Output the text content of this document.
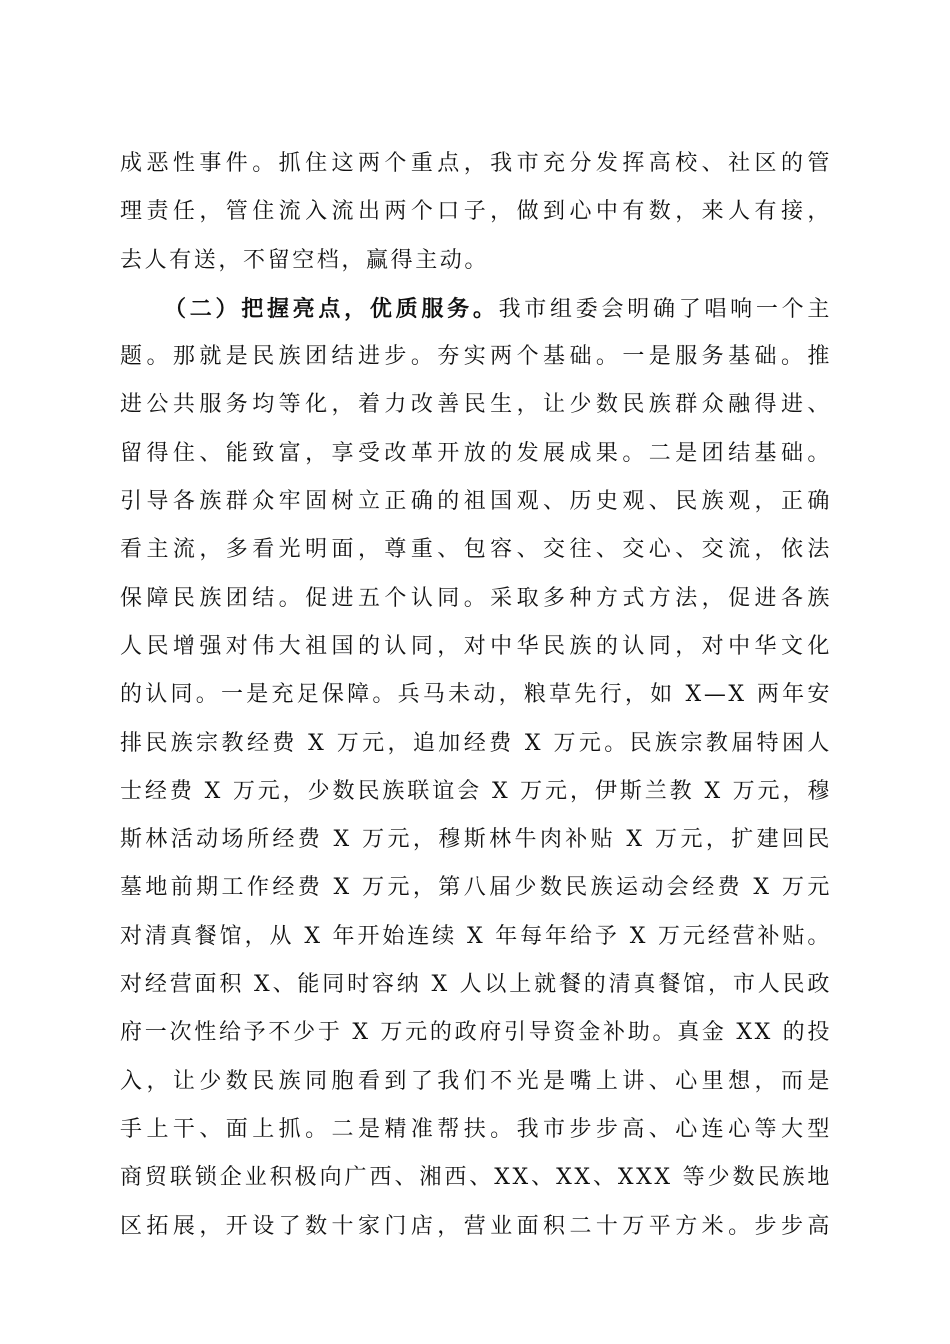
成恶性事件。抓住这两个重点，我市充分发挥高校、社区的管
理责任，管住流入流出两个口子，做到心中有数，来人有接，
去人有送，不留空档，赢得主动。
（二）把握亮点，优质服务。我市组委会明确了唱响一个主
题。那就是民族团结进步。夯实两个基础。一是服务基础。推
进公共服务均等化，着力改善民生，让少数民族群众融得进、
留得住、能致富，享受改革开放的发展成果。二是团结基础。
引导各族群众牢固树立正确的祖国观、历史观、民族观，正确
看主流，多看光明面，尊重、包容、交往、交心、交流，依法
保障民族团结。促进五个认同。采取多种方式方法，促进各族
人民增强对伟大祖国的认同，对中华民族的认同，对中华文化
的认同。一是充足保障。兵马未动，粮草先行，如 X—X 两年安
排民族宗教经费 X 万元，追加经费 X 万元。民族宗教届特困人
士经费 X 万元，少数民族联谊会 X 万元，伊斯兰教 X 万元，穆
斯林活动场所经费 X 万元，穆斯林牛肉补贴 X 万元，扩建回民
墓地前期工作经费 X 万元，第八届少数民族运动会经费 X 万元
对清真餐馆，从 X 年开始连续 X 年每年给予 X 万元经营补贴。
对经营面积 X、能同时容纳 X 人以上就餐的清真餐馆，市人民政
府一次性给予不少于 X 万元的政府引导资金补助。真金 XX 的投
入，让少数民族同胞看到了我们不光是嘴上讲、心里想，而是
手上干、面上抓。二是精准帮扶。我市步步高、心连心等大型
商贸联锁企业积极向广西、湘西、XX、XX、XXX 等少数民族地
区拓展，开设了数十家门店，营业面积二十万平方米。步步高
